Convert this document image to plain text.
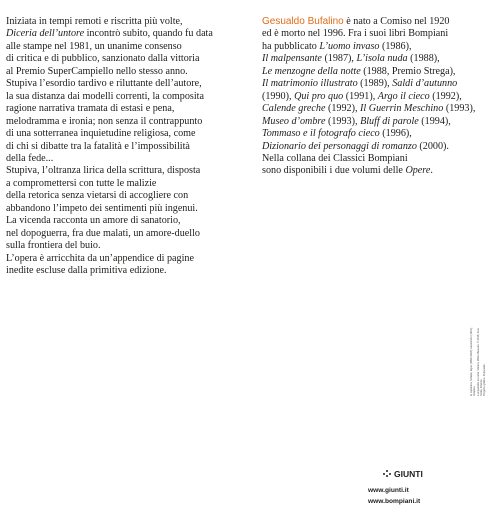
Iniziata in tempi remoti e riscritta più volte,
Diceria dell’untore incontrò subito, quando fu data
alle stampe nel 1981, un unanime consenso
di critica e di pubblico, sanzionato dalla vittoria
al Premio SuperCampiello nello stesso anno.
Stupiva l’esordio tardivo e riluttante dell’autore,
la sua distanza dai modelli correnti, la composita
ragione narrativa tramata di estasi e pena,
melodramma e ironia; non senza il contrappunto
di una sotterranea inquietudine religiosa, come
di chi si dibatte tra la fatalità e l’impossibilità
della fede...
Stupiva, l’oltranza lirica della scrittura, disposta
a compromettersi con tutte le malizie
della retorica senza vietarsi di accogliere con
abbandono l’impeto dei sentimenti più ingenui.
La vicenda racconta un amore di sanatorio,
nel dopoguerra, fra due malati, un amore-duello
sulla frontiera del buio.
L’opera è arricchita da un’appendice di pagine
inedite escluse dalla primitiva edizione.
Gesualdo Bufalino è nato a Comiso nel 1920
ed è morto nel 1996. Fra i suoi libri Bompiani
ha pubblicato L’uomo invaso (1986),
Il malpensante (1987), L’isola nuda (1988),
Le menzogne della notte (1988, Premio Strega),
Il matrimonio illustrato (1989), Saldi d’autunno
(1990), Qui pro quo (1991), Argo il cieco (1992),
Calende greche (1992), Il Guerrin Meschino (1993),
Museo d’ombre (1993), Bluff di parole (1994),
Tommaso e il fotografo cieco (1996),
Dizionario dei personaggi di romanzo (2000).
Nella collana dei Classici Bompiani
sono disponibili i due volumi delle Opere.
In copertina: Schiele, Egon (1890-1918): Autoritratto (1911), tempera e acquerello su carta. Vienna, Wien Museum. © 2016. Foto Scala, Firenze Progetto grafico: Polystudio.
GIUNTI
www.giunti.it
www.bompiani.it
